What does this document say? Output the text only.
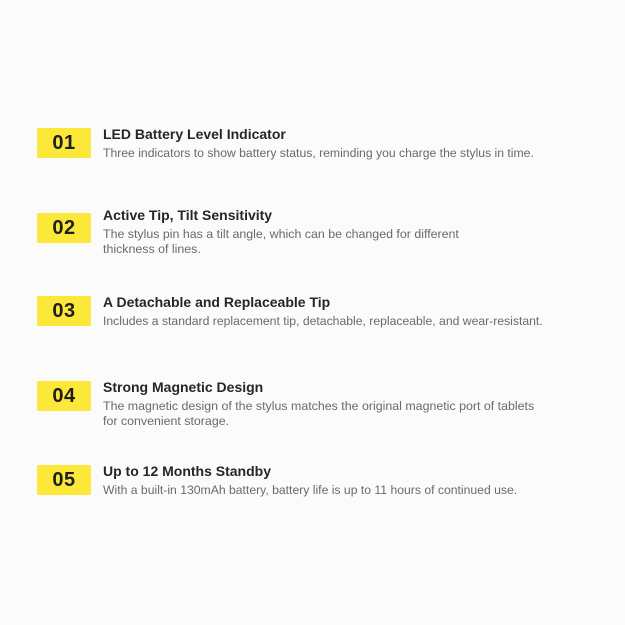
01	LED Battery Level Indicator
Three indicators to show battery status, reminding you charge the stylus in time.
02
Active Tip, Tilt Sensitivity
The stylus pin has a tilt angle, which can be changed for different
thickness of lines.
03	A Detachable and Replaceable Tip
Includes a standard replacement tip, detachable, replaceable, and wear-resistant.
04	Strong Magnetic Design
The magnetic design of the stylus matches the original magnetic port of tablets
for convenient storage.
05	Up to 12 Months Standby
With a built-in 130mAh battery, battery life is up to 11 hours of continued use.
